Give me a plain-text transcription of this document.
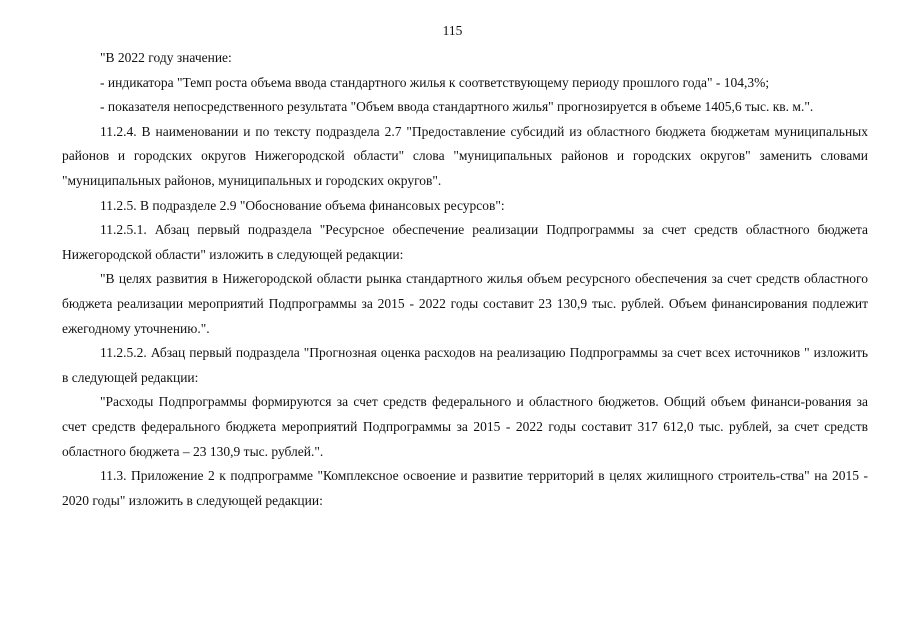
115

"В 2022 году значение:

- индикатора "Темп роста объема ввода стандартного жилья к соответствующему периоду прошлого года" - 104,3%;

- показателя непосредственного результата "Объем ввода стандартного жилья" прогнозируется в объеме 1405,6 тыс. кв. м.".

11.2.4. В наименовании и по тексту подраздела 2.7 "Предоставление субсидий из областного бюджета бюджетам муниципальных районов и городских округов Нижегородской области" слова "муниципальных районов и городских округов" заменить словами "муниципальных районов, муниципальных и городских округов".

11.2.5. В подразделе 2.9 "Обоснование объема финансовых ресурсов":

11.2.5.1. Абзац первый подраздела "Ресурсное обеспечение реализации Подпрограммы за счет средств областного бюджета Нижегородской области" изложить в следующей редакции:

"В целях развития в Нижегородской области рынка стандартного жилья объем ресурсного обеспечения за счет средств областного бюджета реализации мероприятий Подпрограммы за 2015 - 2022 годы составит 23 130,9 тыс. рублей. Объем финансирования подлежит ежегодному уточнению.".

11.2.5.2. Абзац первый подраздела "Прогнозная оценка расходов на реализацию Подпрограммы за счет всех источников " изложить в следующей редакции:

"Расходы Подпрограммы формируются за счет средств федерального и областного бюджетов. Общий объем финанси-рования за счет средств федерального бюджета мероприятий Подпрограммы за 2015 - 2022 годы составит 317 612,0 тыс. рублей, за счет средств областного бюджета – 23 130,9 тыс. рублей.".

11.3. Приложение 2 к подпрограмме "Комплексное освоение и развитие территорий в целях жилищного строитель-ства" на 2015 - 2020 годы" изложить в следующей редакции:
